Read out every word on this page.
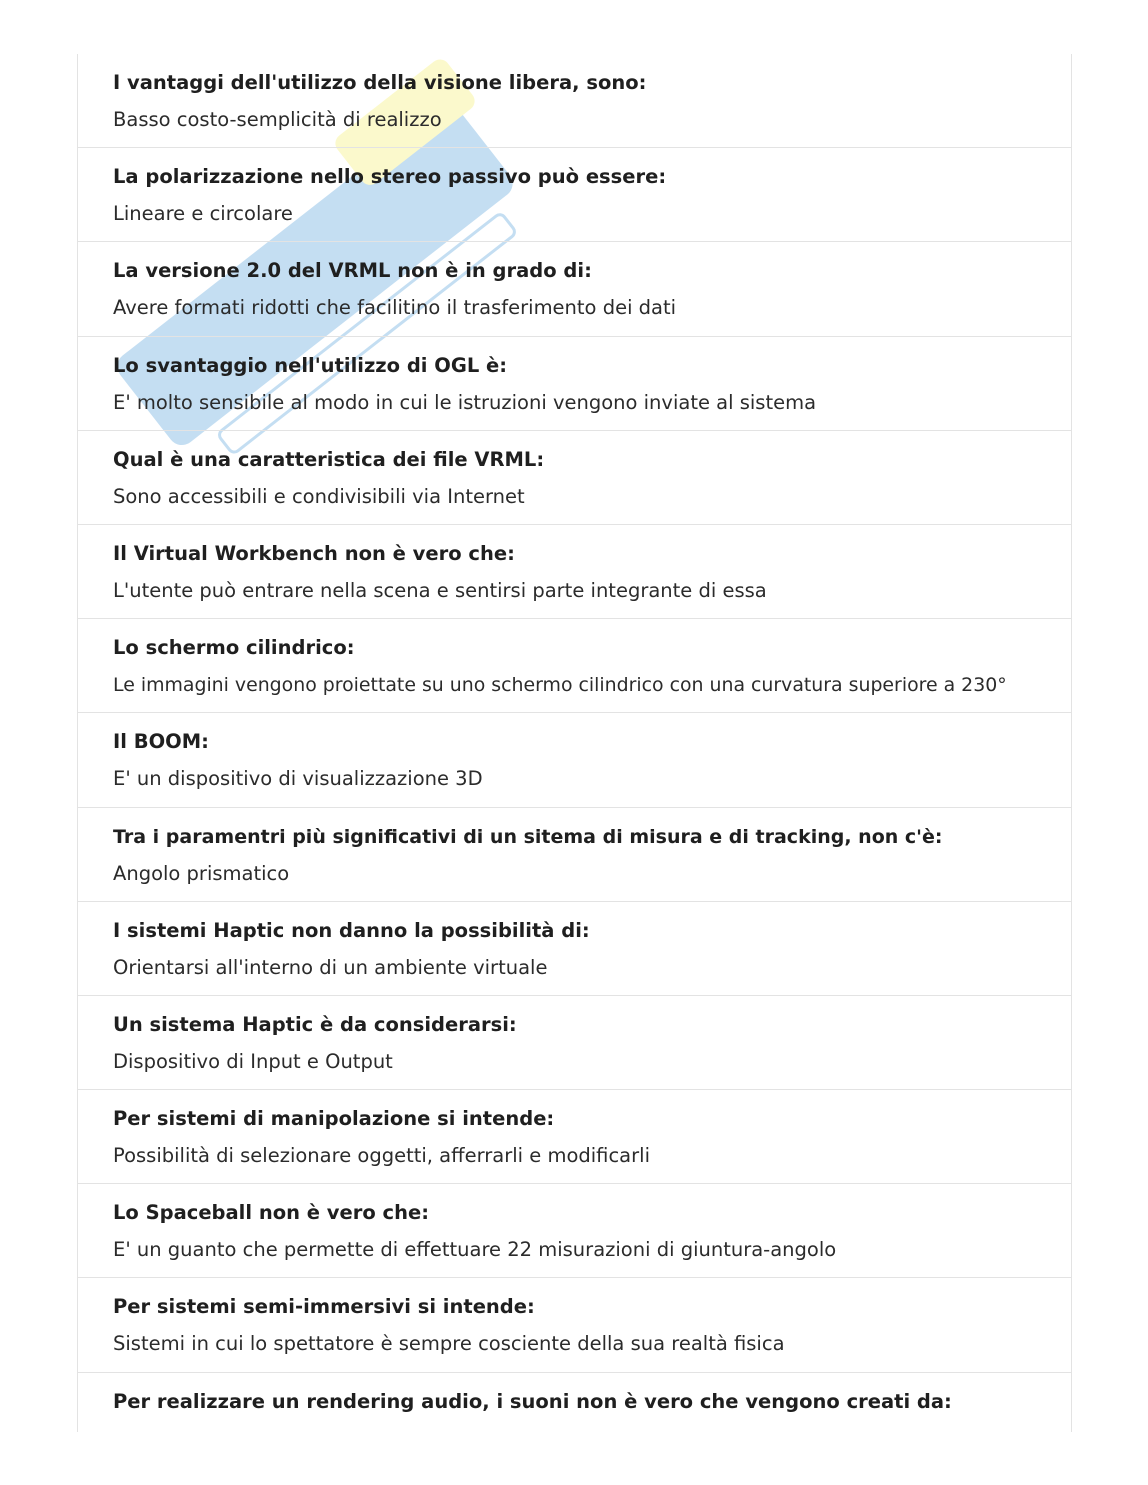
I vantaggi dell'utilizzo della visione libera, sono:
Basso costo-semplicità di realizzo
La polarizzazione nello stereo passivo può essere:
Lineare e circolare
La versione 2.0 del VRML non è in grado di:
Avere formati ridotti che facilitino il trasferimento dei dati
Lo svantaggio nell'utilizzo di OGL è:
E' molto sensibile al modo in cui le istruzioni vengono inviate al sistema
Qual è una caratteristica dei file VRML:
Sono accessibili e condivisibili via Internet
Il Virtual Workbench non è vero che:
L'utente può entrare nella scena e sentirsi parte integrante di essa
Lo schermo cilindrico:
Le immagini vengono proiettate su uno schermo cilindrico con una curvatura superiore a 230°
Il BOOM:
E' un dispositivo di visualizzazione 3D
Tra i paramentri più significativi di un sitema di misura e di tracking, non c'è:
Angolo prismatico
I sistemi Haptic non danno la possibilità di:
Orientarsi all'interno di un ambiente virtuale
Un sistema Haptic è da considerarsi:
Dispositivo di Input e Output
Per sistemi di manipolazione si intende:
Possibilità di selezionare oggetti, afferrarli e modificarli
Lo Spaceball non è vero che:
E' un guanto che permette di effettuare 22 misurazioni di giuntura-angolo
Per sistemi semi-immersivi si intende:
Sistemi in cui lo spettatore è sempre cosciente della sua realtà fisica
Per realizzare un rendering audio, i suoni non è vero che vengono creati da:
